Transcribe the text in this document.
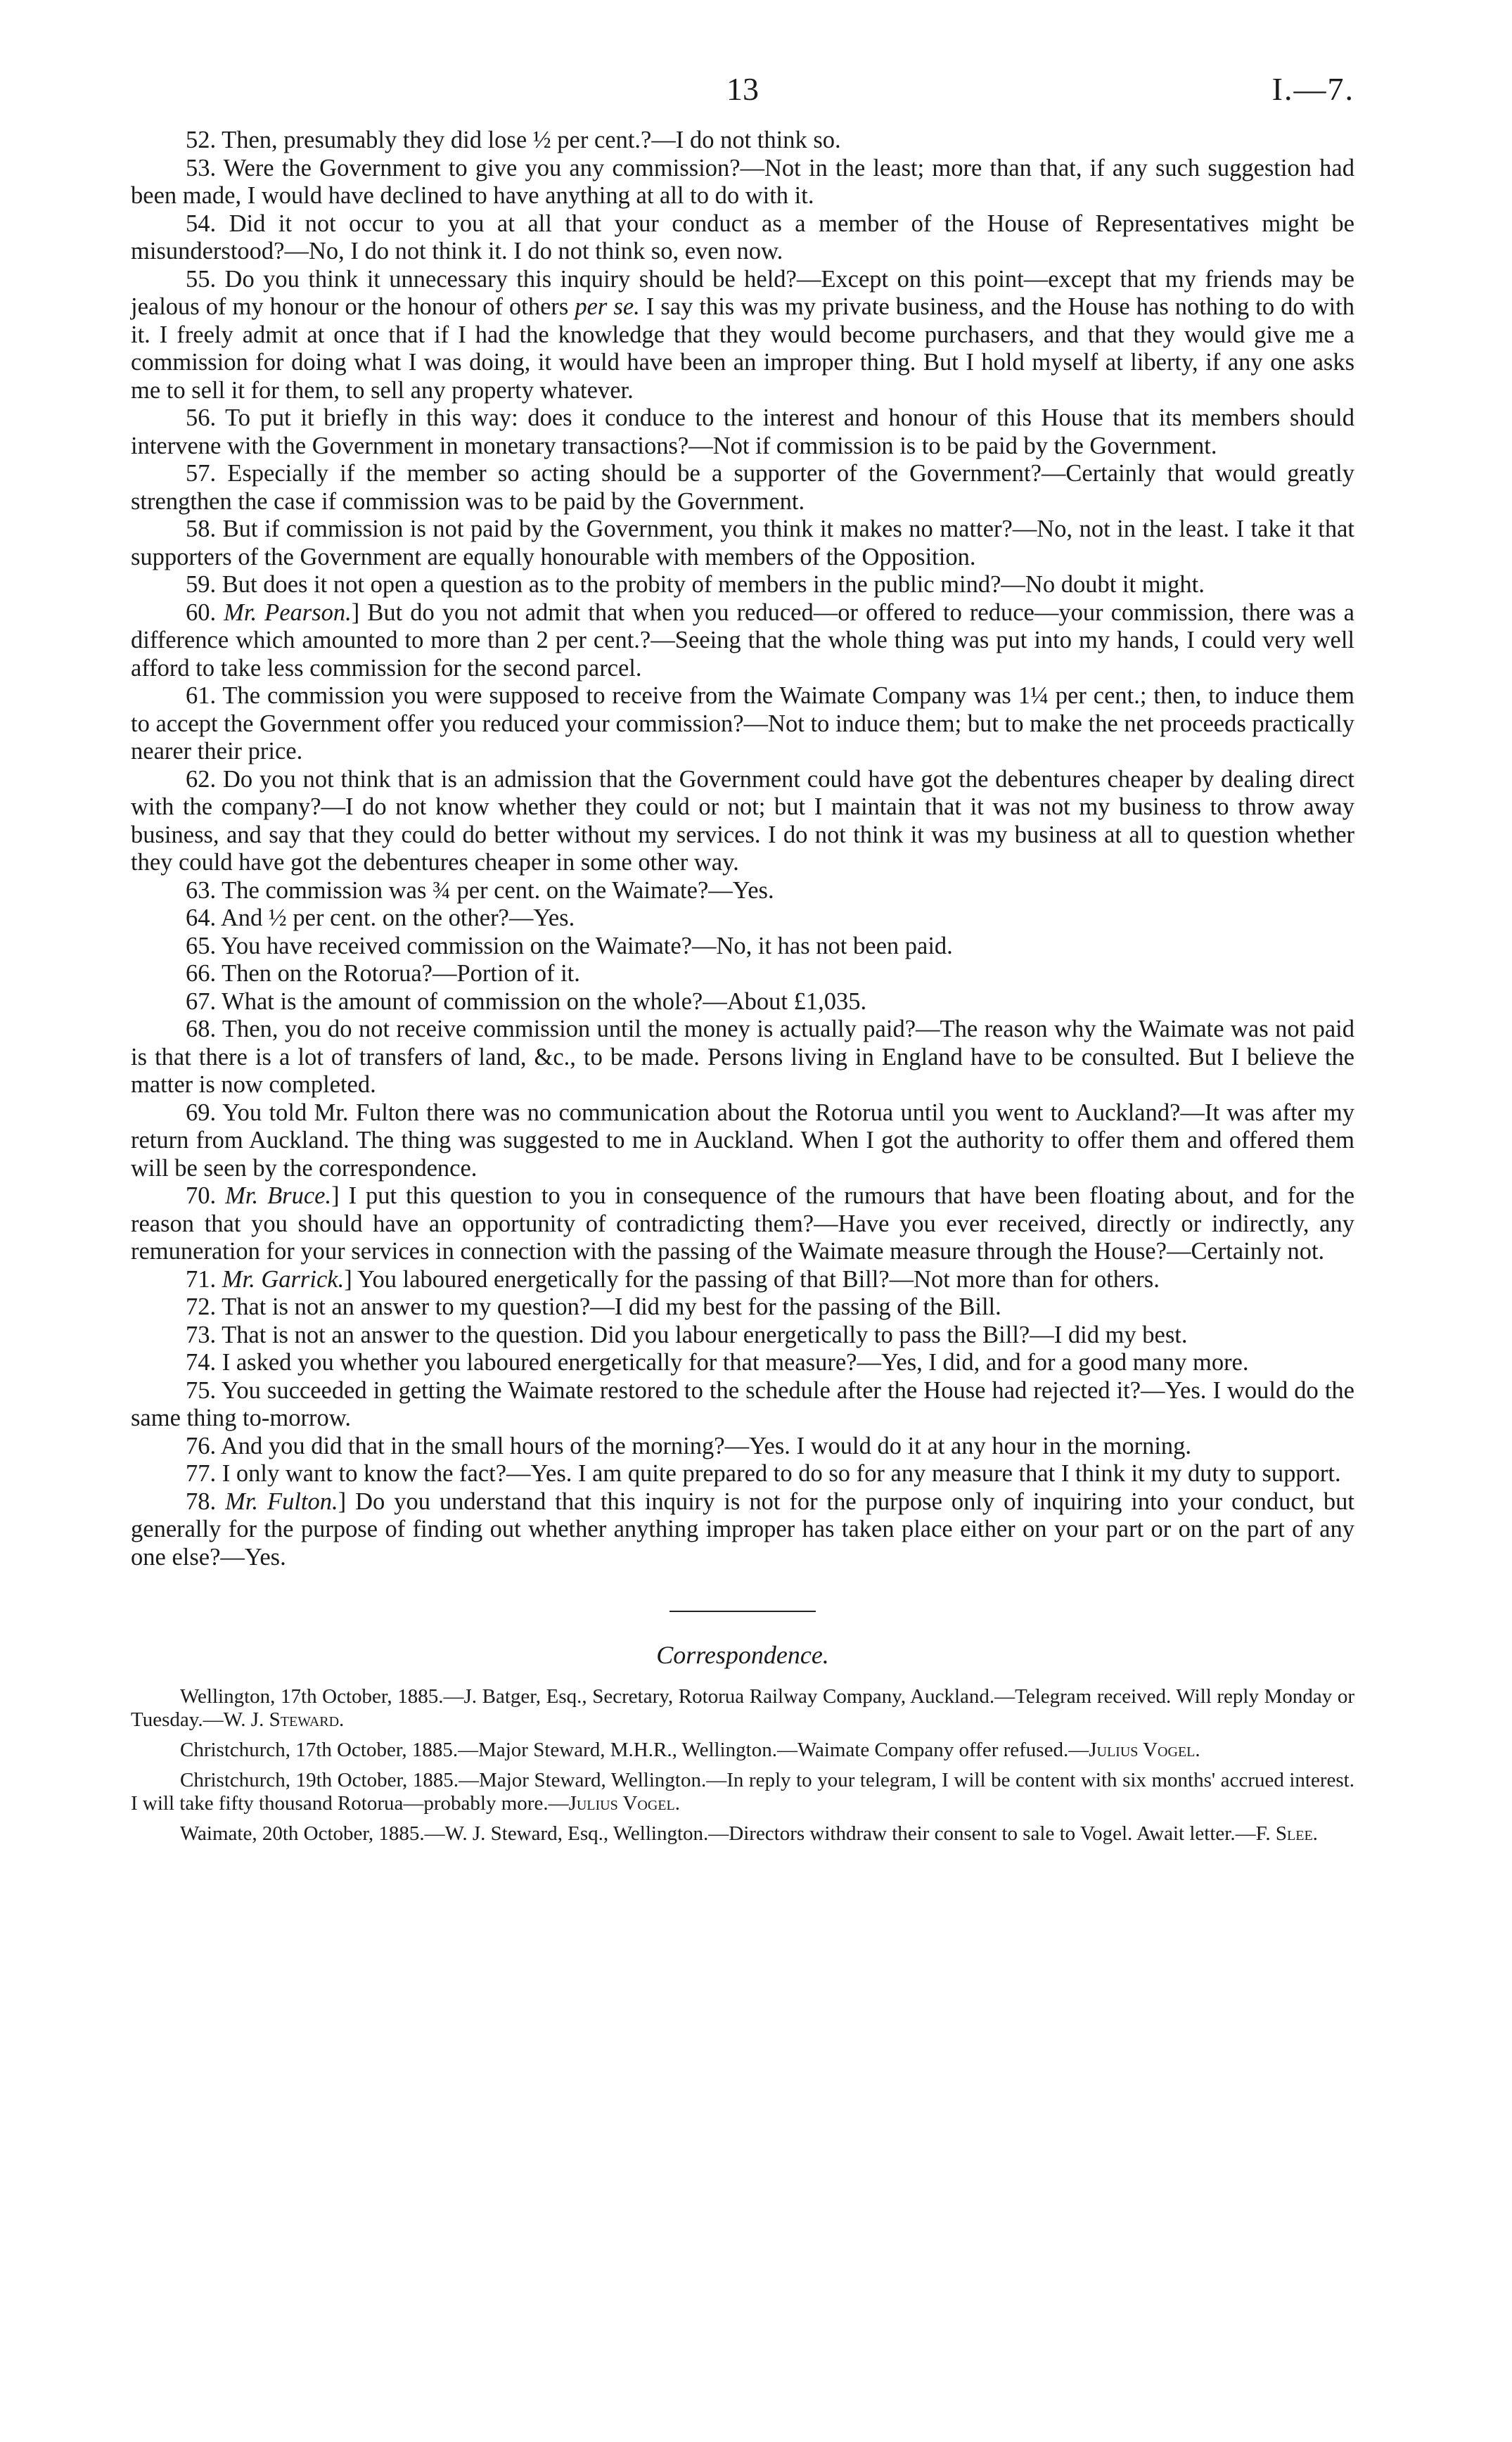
13	I.—7.

52. Then, presumably they did lose ½ per cent.?—I do not think so.

53. Were the Government to give you any commission?—Not in the least; more than that, if any such suggestion had been made, I would have declined to have anything at all to do with it.

54. Did it not occur to you at all that your conduct as a member of the House of Representatives might be misunderstood?—No, I do not think it. I do not think so, even now.

55. Do you think it unnecessary this inquiry should be held?—Except on this point—except that my friends may be jealous of my honour or the honour of others per se. I say this was my private business, and the House has nothing to do with it. I freely admit at once that if I had the knowledge that they would become purchasers, and that they would give me a commission for doing what I was doing, it would have been an improper thing. But I hold myself at liberty, if any one asks me to sell it for them, to sell any property whatever.

56. To put it briefly in this way: does it conduce to the interest and honour of this House that its members should intervene with the Government in monetary transactions?—Not if commission is to be paid by the Government.

57. Especially if the member so acting should be a supporter of the Government?—Certainly that would greatly strengthen the case if commission was to be paid by the Government.

58. But if commission is not paid by the Government, you think it makes no matter?—No, not in the least. I take it that supporters of the Government are equally honourable with members of the Opposition.

59. But does it not open a question as to the probity of members in the public mind?—No doubt it might.

60. Mr. Pearson.] But do you not admit that when you reduced—or offered to reduce—your commission, there was a difference which amounted to more than 2 per cent.?—Seeing that the whole thing was put into my hands, I could very well afford to take less commission for the second parcel.

61. The commission you were supposed to receive from the Waimate Company was 1¼ per cent.; then, to induce them to accept the Government offer you reduced your commission?—Not to induce them; but to make the net proceeds practically nearer their price.

62. Do you not think that is an admission that the Government could have got the debentures cheaper by dealing direct with the company?—I do not know whether they could or not; but I maintain that it was not my business to throw away business, and say that they could do better without my services. I do not think it was my business at all to question whether they could have got the debentures cheaper in some other way.

63. The commission was ¾ per cent. on the Waimate?—Yes.

64. And ½ per cent. on the other?—Yes.

65. You have received commission on the Waimate?—No, it has not been paid.

66. Then on the Rotorua?—Portion of it.

67. What is the amount of commission on the whole?—About £1,035.

68. Then, you do not receive commission until the money is actually paid?—The reason why the Waimate was not paid is that there is a lot of transfers of land, &c., to be made. Persons living in England have to be consulted. But I believe the matter is now completed.

69. You told Mr. Fulton there was no communication about the Rotorua until you went to Auckland?—It was after my return from Auckland. The thing was suggested to me in Auckland. When I got the authority to offer them and offered them will be seen by the correspondence.

70. Mr. Bruce.] I put this question to you in consequence of the rumours that have been floating about, and for the reason that you should have an opportunity of contradicting them?—Have you ever received, directly or indirectly, any remuneration for your services in connection with the passing of the Waimate measure through the House?—Certainly not.

71. Mr. Garrick.] You laboured energetically for the passing of that Bill?—Not more than for others.

72. That is not an answer to my question?—I did my best for the passing of the Bill.

73. That is not an answer to the question. Did you labour energetically to pass the Bill?—I did my best.

74. I asked you whether you laboured energetically for that measure?—Yes, I did, and for a good many more.

75. You succeeded in getting the Waimate restored to the schedule after the House had rejected it?—Yes. I would do the same thing to-morrow.

76. And you did that in the small hours of the morning?—Yes. I would do it at any hour in the morning.

77. I only want to know the fact?—Yes. I am quite prepared to do so for any measure that I think it my duty to support.

78. Mr. Fulton.] Do you understand that this inquiry is not for the purpose only of inquiring into your conduct, but generally for the purpose of finding out whether anything improper has taken place either on your part or on the part of any one else?—Yes.

Correspondence.

Wellington, 17th October, 1885.—J. Batger, Esq., Secretary, Rotorua Railway Company, Auckland.—Telegram received. Will reply Monday or Tuesday.—W. J. Steward.

Christchurch, 17th October, 1885.—Major Steward, M.H.R., Wellington.—Waimate Company offer refused.—Julius Vogel.

Christchurch, 19th October, 1885.—Major Steward, Wellington.—In reply to your telegram, I will be content with six months' accrued interest. I will take fifty thousand Rotorua—probably more.—Julius Vogel.

Waimate, 20th October, 1885.—W. J. Steward, Esq., Wellington.—Directors withdraw their consent to sale to Vogel. Await letter.—F. Slee.
